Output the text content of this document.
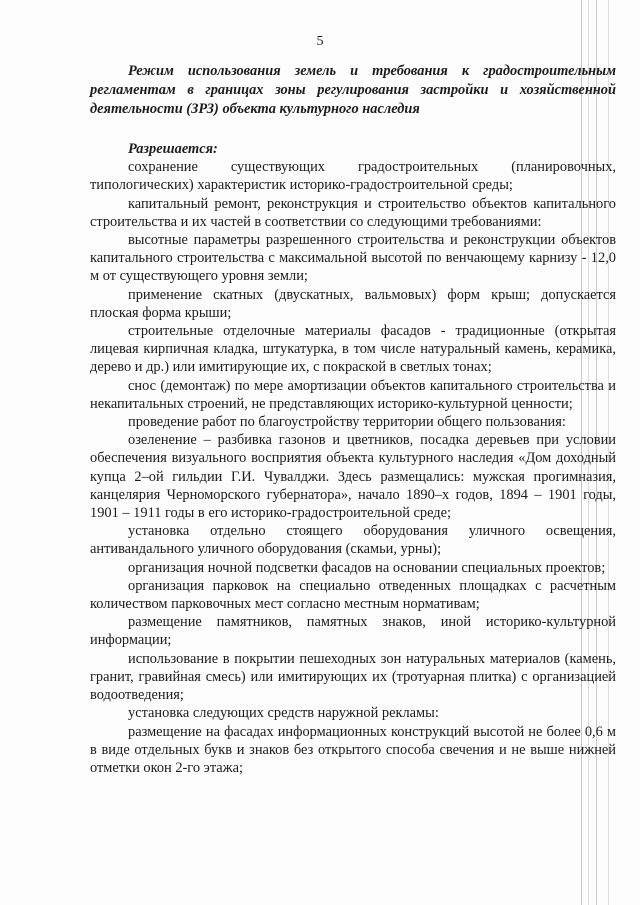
5
Режим использования земель и требования к градостроительным регламентам в границах зоны регулирования застройки и хозяйственной деятельности (ЗРЗ) объекта культурного наследия
Разрешается:

сохранение существующих градостроительных (планировочных, типологических) характеристик историко-градостроительной среды;

капитальный ремонт, реконструкция и строительство объектов капитального строительства и их частей в соответствии со следующими требованиями:

высотные параметры разрешенного строительства и реконструкции объектов капитального строительства с максимальной высотой по венчающему карнизу - 12,0 м от существующего уровня земли;

применение скатных (двускатных, вальмовых) форм крыш; допускается плоская форма крыши;

строительные отделочные материалы фасадов - традиционные (открытая лицевая кирпичная кладка, штукатурка, в том числе натуральный камень, керамика, дерево и др.) или имитирующие их, с покраской в светлых тонах;

снос (демонтаж) по мере амортизации объектов капитального строительства и некапитальных строений, не представляющих историко-культурной ценности;

проведение работ по благоустройству территории общего пользования:

озеленение – разбивка газонов и цветников, посадка деревьев при условии обеспечения визуального восприятия объекта культурного наследия «Дом доходный купца 2–ой гильдии Г.И. Чувалджи. Здесь размещались: мужская прогимназия, канцелярия Черноморского губернатора», начало 1890–х годов, 1894 – 1901 годы, 1901 – 1911 годы в его историко-градостроительной среде;

установка отдельно стоящего оборудования уличного освещения, антивандального уличного оборудования (скамьи, урны);

организация ночной подсветки фасадов на основании специальных проектов;

организация парковок на специально отведенных площадках с расчетным количеством парковочных мест согласно местным нормативам;

размещение памятников, памятных знаков, иной историко-культурной информации;

использование в покрытии пешеходных зон натуральных материалов (камень, гранит, гравийная смесь) или имитирующих их (тротуарная плитка) с организацией водоотведения;

установка следующих средств наружной рекламы:

размещение на фасадах информационных конструкций высотой не более 0,6 м в виде отдельных букв и знаков без открытого способа свечения и не выше нижней отметки окон 2-го этажа;
